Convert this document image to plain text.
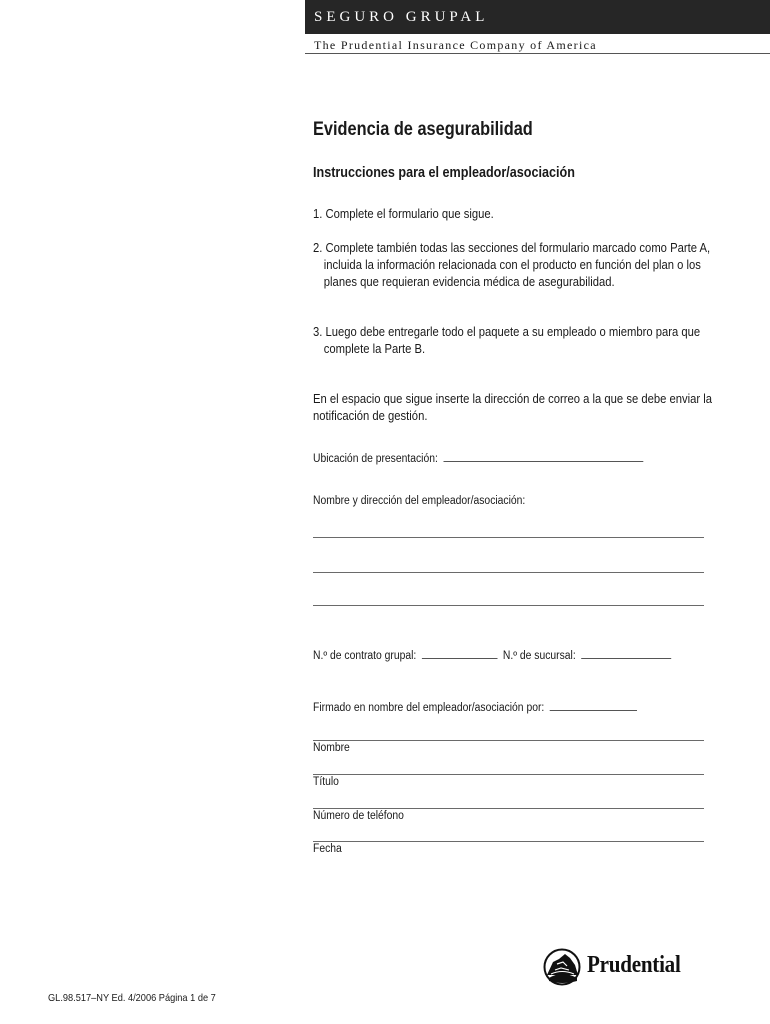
SEGURO GRUPAL
The Prudential Insurance Company of America
Evidencia de asegurabilidad
Instrucciones para el empleador/asociación
1. Complete el formulario que sigue.
2. Complete también todas las secciones del formulario marcado como Parte A, incluida la información relacionada con el producto en función del plan o los planes que requieran evidencia médica de asegurabilidad.
3. Luego debe entregarle todo el paquete a su empleado o miembro para que complete la Parte B.
En el espacio que sigue inserte la dirección de correo a la que se debe enviar la notificación de gestión.
Ubicación de presentación:
Nombre y dirección del empleador/asociación:
N.º de contrato grupal:	N.º de sucursal:
Firmado en nombre del empleador/asociación por:
Nombre
Título
Número de teléfono
Fecha
Prudential
GL.98.517–NY Ed. 4/2006 Página 1 de 7
